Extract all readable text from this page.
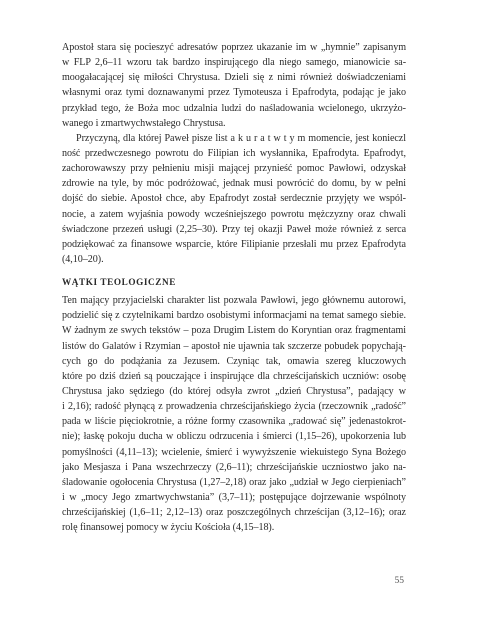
Apostoł stara się pocieszyć adresatów poprzez ukazanie im w „hymnie” zapisanym
w FLP 2,6–11 wzoru tak bardzo inspirującego dla niego samego, mianowicie sa-
moogałacającej się miłości Chrystusa. Dzieli się z nimi również doświadczeniami
własnymi oraz tymi doznawanymi przez Tymoteusza i Epafrodyta, podając je jako
przykład tego, że Boża moc udzalnia ludzi do naśladowania wcielonego, ukrzyżo-
wanego i zmartwychwstałego Chrystusa.
Przyczyną, dla której Paweł pisze list a k u r a t w t y m momencie, jest konieczl
ność przedwczesnego powrotu do Filipian ich wysłannika, Epafrodyta. Epafrodyt,
zachorowawszy przy pełnieniu misji mającej przynieść pomoc Pawłowi, odzyskał
zdrowie na tyle, by móc podróżować, jednak musi powrócić do domu, by w pełni
dojść do siebie. Apostoł chce, aby Epafrodyt został serdecznie przyjęty we wspól-
nocie, a zatem wyjaśnia powody wcześniejszego powrotu mężczyzny oraz chwali
świadczone przezeń usługi (2,25–30). Przy tej okazji Paweł może również z serca
podziękować za finansowe wsparcie, które Filipianie przesłali mu przez Epafrodyta
(4,10–20).
WĄTKI TEOLOGICZNE
Ten mający przyjacielski charakter list pozwala Pawłowi, jego głównemu autorowi,
podzielić się z czytelnikami bardzo osobistymi informacjami na temat samego siebie.
W żadnym ze swych tekstów – poza Drugim Listem do Koryntian oraz fragmentami
listów do Galatów i Rzymian – apostoł nie ujawnia tak szczerze pobudek popychają-
cych go do podążania za Jezusem. Czyniąc tak, omawia szereg kluczowych
które po dziś dzień są pouczające i inspirujące dla chrześcijańskich uczniów: osobę
Chrystusa jako sędziego (do której odsyła zwrot „dzień Chrystusa”, padający w
i 2,16); radość płynącą z prowadzenia chrześcijańskiego życia (rzeczownik „radość”
pada w liście pięciokrotnie, a różne formy czasownika „radować się” jedenastokrot-
nie); łaskę pokoju ducha w obliczu odrzucenia i śmierci (1,15–26), upokorzenia lub
pomyślności (4,11–13); wcielenie, śmierć i wywyższenie wiekuistego Syna Bożego
jako Mesjasza i Pana wszechrzeczy (2,6–11); chrześcijańskie uczniostwo jako na-
śladowanie ogołocenia Chrystusa (1,27–2,18) oraz jako „udział w Jego cierpieniach”
i w „mocy Jego zmartwychwstania” (3,7–11); postępujące dojrzewanie wspólnoty
chrześcijańskiej (1,6–11; 2,12–13) oraz poszczególnych chrześcijan (3,12–16); oraz
rolę finansowej pomocy w życiu Kościoła (4,15–18).
55
